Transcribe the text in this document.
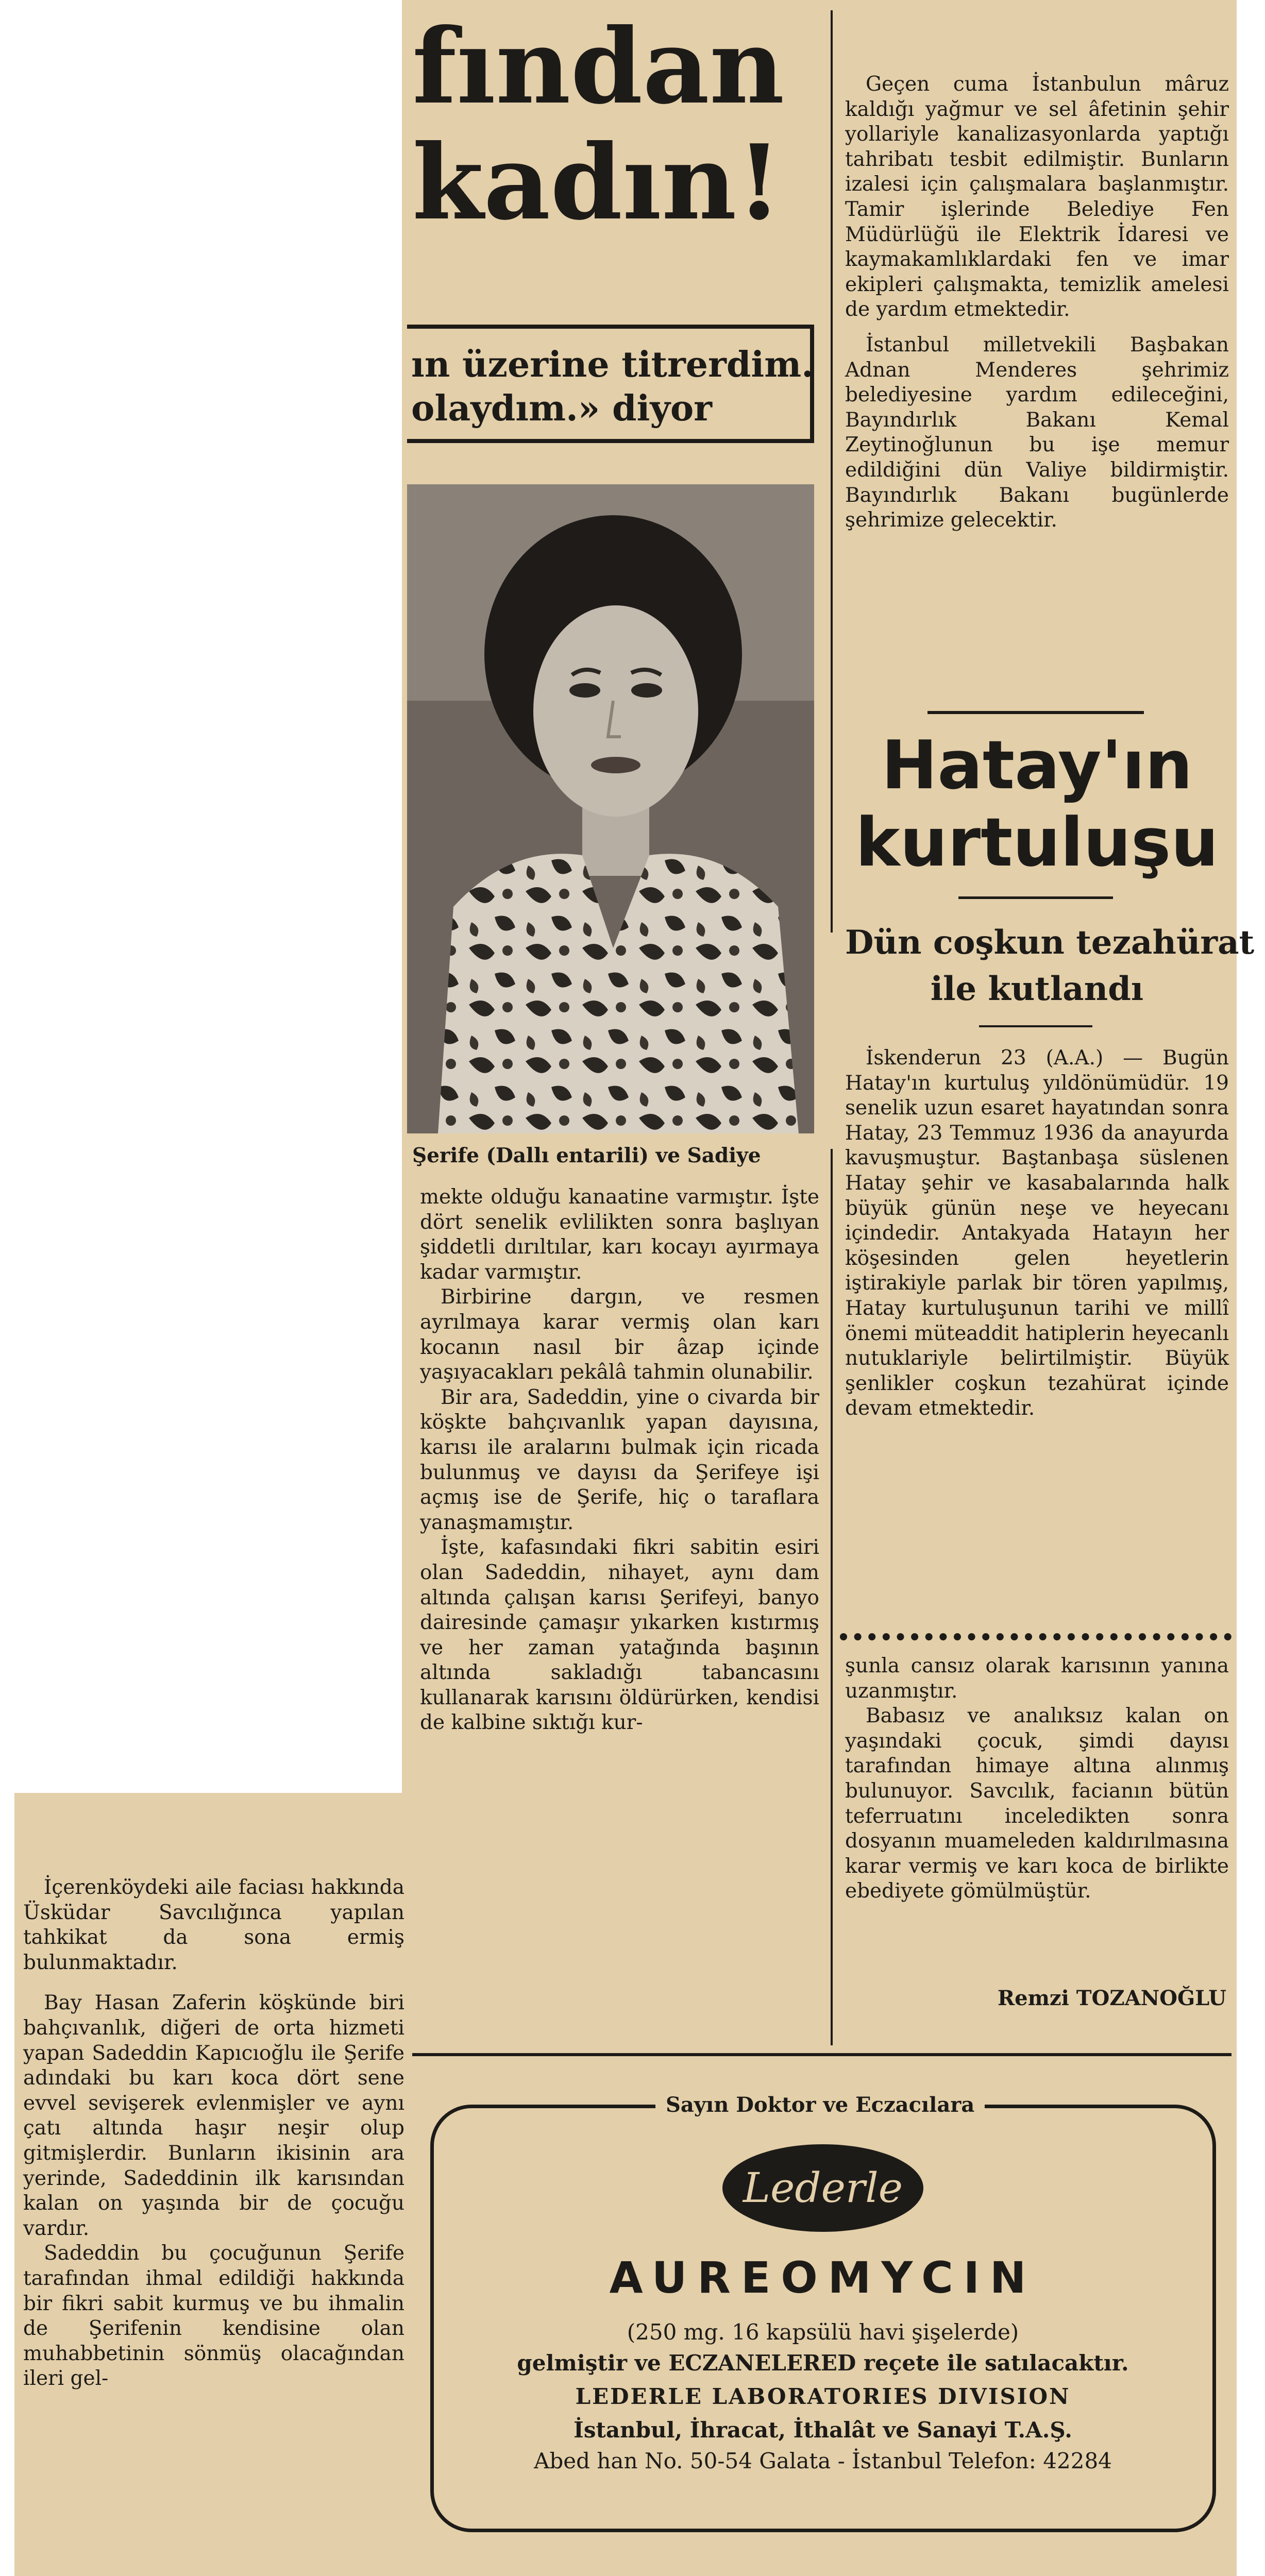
fından
kadın!
ın üzerine titrerdim.
olaydım.» diyor
Şerife (Dallı entarili) ve Sadiye

mekte olduğu kanaatine varmıştır. İşte dört senelik evlilikten sonra başlıyan şiddetli dırıltılar, karı kocayı ayırmaya kadar varmıştır.

Birbirine dargın, ve resmen ayrılmaya karar vermiş olan karı kocanın nasıl bir âzap içinde yaşıyacakları pekâlâ tahmin olunabilir.

Bir ara, Sadeddin, yine o civarda bir köşkte bahçıvanlık yapan dayısına, karısı ile aralarını bulmak için ricada bulunmuş ve dayısı da Şerifeye işi açmış ise de Şerife, hiç o taraflara yanaşmamıştır.

İşte, kafasındaki fikri sabitin esiri olan Sadeddin, nihayet, aynı dam altında çalışan karısı Şerifeyi, banyo dairesinde çamaşır yıkarken kıstırmış ve her zaman yatağında başının altında sakladığı tabancasını kullanarak karısını öldürürken, kendisi de kalbine sıktığı kur-

İçerenköydeki aile faciası hakkında Üsküdar Savcılığınca yapılan tahkikat da sona ermiş bulunmaktadır.

Bay Hasan Zaferin köşkünde biri bahçıvanlık, diğeri de orta hizmeti yapan Sadeddin Kapıcıoğlu ile Şerife adındaki bu karı koca dört sene evvel sevişerek evlenmişler ve aynı çatı altında haşır neşir olup gitmişlerdir. Bunların ikisinin ara yerinde, Sadeddinin ilk karısından kalan on yaşında bir de çocuğu vardır.

Sadeddin bu çocuğunun Şerife tarafından ihmal edildiği hakkında bir fikri sabit kurmuş ve bu ihmalin de Şerifenin kendisine olan muhabbetinin sönmüş olacağından ileri gel-

Geçen cuma İstanbulun mâruz kaldığı yağmur ve sel âfetinin şehir yollariyle kanalizasyonlarda yaptığı tahribatı tesbit edilmiştir. Bunların izalesi için çalışmalara başlanmıştır. Tamir işlerinde Belediye Fen Müdürlüğü ile Elektrik İdaresi ve kaymakamlıklardaki fen ve imar ekipleri çalışmakta, temizlik amelesi de yardım etmektedir.

İstanbul milletvekili Başbakan Adnan Menderes şehrimiz belediyesine yardım edileceğini, Bayındırlık Bakanı Kemal Zeytinoğlunun bu işe memur edildiğini dün Valiye bildirmiştir. Bayındırlık Bakanı bugünlerde şehrimize gelecektir.

Hatay'ın
kurtuluşu
Dün coşkun tezahürat
ile kutlandı

İskenderun 23 (A.A.) — Bugün Hatay'ın kurtuluş yıldönümüdür. 19 senelik uzun esaret hayatından sonra Hatay, 23 Temmuz 1936 da anayurda kavuşmuştur. Baştanbaşa süslenen Hatay şehir ve kasabalarında halk büyük günün neşe ve heyecanı içindedir. Antakyada Hatayın her köşesinden gelen heyetlerin iştirakiyle parlak bir tören yapılmış, Hatay kurtuluşunun tarihi ve millî önemi müteaddit hatiplerin heyecanlı nutuklariyle belirtilmiştir. Büyük şenlikler coşkun tezahürat içinde devam etmektedir.

şunla cansız olarak karısının yanına uzanmıştır.

Babasız ve analıksız kalan on yaşındaki çocuk, şimdi dayısı tarafından himaye altına alınmış bulunuyor. Savcılık, facianın bütün teferruatını inceledikten sonra dosyanın muameleden kaldırılmasına karar vermiş ve karı koca de birlikte ebediyete gömülmüştür.

Remzi TOZANOĞLU
Sayın Doktor ve Eczacılara
Lederle
AUREOMYCIN
(250 mg. 16 kapsülü havi şişelerde)
gelmiştir ve ECZANELERED reçete ile satılacaktır.
LEDERLE LABORATORIES DIVISION
İstanbul, İhracat, İthalât ve Sanayi T.A.Ş.
Abed han No. 50-54 Galata - İstanbul Telefon: 42284
